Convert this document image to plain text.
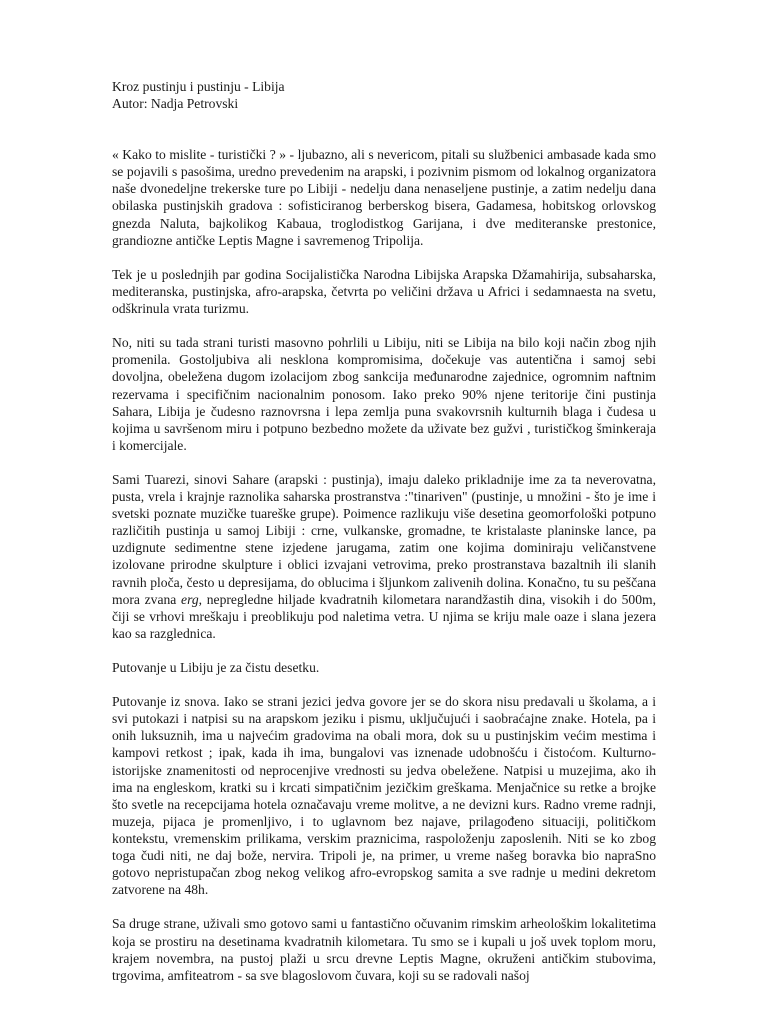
Kroz pustinju i pustinju - Libija

Autor: Nadja Petrovski

« Kako to mislite - turistički ? » - ljubazno, ali s nevericom, pitali su službenici ambasade kada smo se pojavili s pasošima, uredno prevedenim na arapski, i pozivnim pismom od lokalnog organizatora naše dvonedeljne trekerske ture po Libiji - nedelju dana nenaseljene pustinje, a zatim nedelju dana obilaska pustinjskih gradova : sofisticiranog berberskog bisera, Gadamesa, hobitskog orlovskog gnezda Naluta, bajkolikog Kabaua, troglodistkog Garijana, i dve mediteranske prestonice, grandiozne antičke Leptis Magne i savremenog Tripolija.

Tek je u poslednjih par godina Socijalistička Narodna Libijska Arapska Džamahirija, subsaharska, mediteranska, pustinjska, afro-arapska, četvrta po veličini država u Africi i sedamnaesta na svetu, odškrinula vrata turizmu.

No, niti su tada strani turisti masovno pohrlili u Libiju, niti se Libija na bilo koji način zbog njih promenila. Gostoljubiva ali nesklona kompromisima, dočekuje vas autentična i samoj sebi dovoljna, obeležena dugom izolacijom zbog sankcija međunarodne zajednice, ogromnim naftnim rezervama i specifičnim nacionalnim ponosom. Iako preko 90% njene teritorije čini pustinja Sahara, Libija je čudesno raznovrsna i lepa zemlja puna svakovrsnih kulturnih blaga i čudesa u kojima u savršenom miru i potpuno bezbedno možete da uživate bez gužvi , turističkog šminkeraja i komercijale.

Sami Tuarezi, sinovi Sahare (arapski : pustinja), imaju daleko prikladnije ime za ta neverovatna, pusta, vrela i krajnje raznolika saharska prostranstva :"tinariven" (pustinje, u množini - što je ime i svetski poznate muzičke tuareške grupe). Poimence razlikuju više desetina geomorfološki potpuno različitih pustinja u samoj Libiji : crne, vulkanske, gromadne, te kristalaste planinske lance, pa uzdignute sedimentne stene izjedene jarugama, zatim one kojima dominiraju veličanstvene izolovane prirodne skulpture i oblici izvajani vetrovima, preko prostranstava bazaltnih ili slanih ravnih ploča, često u depresijama, do oblucima i šljunkom zalivenih dolina. Konačno, tu su peščana mora zvana erg, nepregledne hiljade kvadratnih kilometara narandžastih dina, visokih i do 500m, čiji se vrhovi mreškaju i preoblikuju pod naletima vetra. U njima se kriju male oaze i slana jezera kao sa razglednica.

Putovanje u Libiju je za čistu desetku.

Putovanje iz snova. Iako se strani jezici jedva govore jer se do skora nisu predavali u školama, a i svi putokazi i natpisi su na arapskom jeziku i pismu, uključujući i saobraćajne znake. Hotela, pa i onih luksuznih, ima u najvećim gradovima na obali mora, dok su u pustinjskim većim mestima i kampovi retkost ; ipak, kada ih ima, bungalovi vas iznenade udobnošću i čistoćom. Kulturno-istorijske znamenitosti od neprocenjive vrednosti su jedva obeležene. Natpisi u muzejima, ako ih ima na engleskom, kratki su i krcati simpatičnim jezičkim greškama. Menjačnice su retke a brojke što svetle na recepcijama hotela označavaju vreme molitve, a ne devizni kurs. Radno vreme radnji, muzeja, pijaca je promenljivo, i to uglavnom bez najave, prilagođeno situaciji, političkom kontekstu, vremenskim prilikama, verskim praznicima, raspoloženju zaposlenih. Niti se ko zbog toga čudi niti, ne daj bože, nervira. Tripoli je, na primer, u vreme našeg boravka bio napraSno gotovo nepristupačan zbog nekog velikog afro-evropskog samita a sve radnje u medini dekretom zatvorene na 48h.

Sa druge strane, uživali smo gotovo sami u fantastično očuvanim rimskim arheološkim lokalitetima koja se prostiru na desetinama kvadratnih kilometara. Tu smo se i kupali u još uvek toplom moru, krajem novembra, na pustoj plaži u srcu drevne Leptis Magne, okruženi antičkim stubovima, trgovima, amfiteatrom - sa sve blagoslovom čuvara, koji su se radovali našoj
